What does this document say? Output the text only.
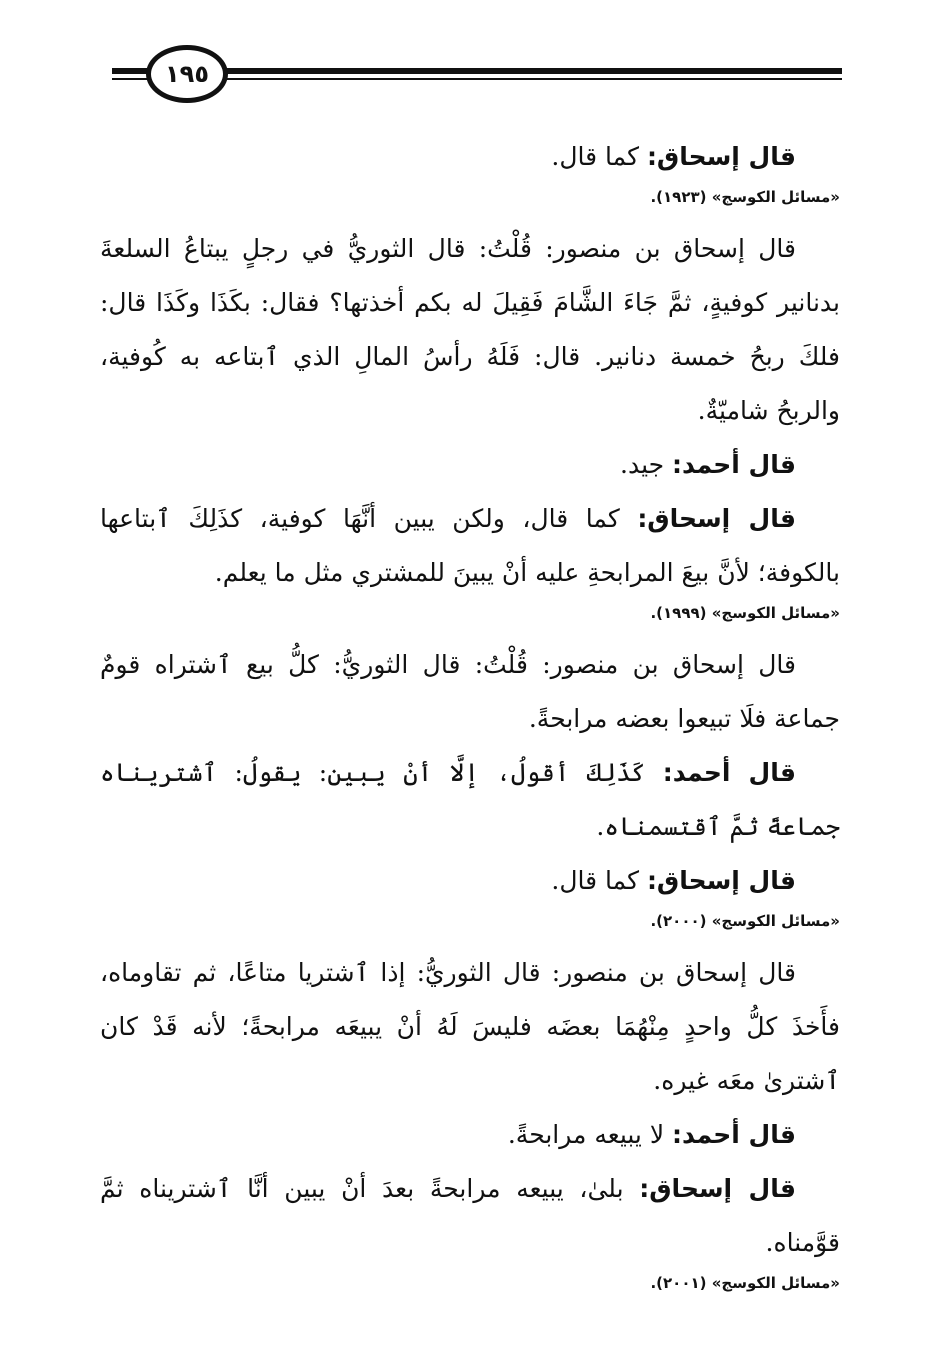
١٩٥

قال إسحاق: كما قال.

«مسائل الكوسج» (١٩٢٣).

قال إسحاق بن منصور: قُلْتُ: قال الثوريُّ في رجلٍ يبتاعُ السلعةَ بدنانير كوفيةٍ، ثمَّ جَاءَ الشَّامَ فَقِيلَ له بكم أخذتها؟ فقال: بكَذَا وكَذَا قال: فلكَ ربحُ خمسة دنانير. قال: فَلَهُ رأسُ المالِ الذي ٱبتاعه به كُوفية، والربحُ شاميّةٌ.

قال أحمد: جيد.

قال إسحاق: كما قال، ولكن يبين أنَّهَا كوفية، كذَلِكَ ٱبتاعها بالكوفة؛ لأنَّ بيعَ المرابحةِ عليه أنْ يبينَ للمشتري مثل ما يعلم.

«مسائل الكوسج» (١٩٩٩).

قال إسحاق بن منصور: قُلْتُ: قال الثوريُّ: كلُّ بيع ٱشتراه قومٌ جماعة فلَا تبيعوا بعضه مرابحةً.

قال أحمد: كَذَلِكَ أقولُ، إلَّا أنْ يبين: يقولُ: ٱشتريناه جماعةً ثمَّ ٱقتسمناه.

قال إسحاق: كما قال.

«مسائل الكوسج» (٢٠٠٠).

قال إسحاق بن منصور: قال الثوريُّ: إذا ٱشتريا متاعًا، ثم تقاوماه، فأَخذَ كلُّ واحدٍ مِنْهُمَا بعضَه فليسَ لَهُ أنْ يبيعَه مرابحةً؛ لأنه قَدْ كان ٱشترىٰ معَه غيره.

قال أحمد: لا يبيعه مرابحةً.

قال إسحاق: بلىٰ، يبيعه مرابحةً بعدَ أنْ يبين أنَّا ٱشتريناه ثمَّ قوَّمناه.

«مسائل الكوسج» (٢٠٠١).
